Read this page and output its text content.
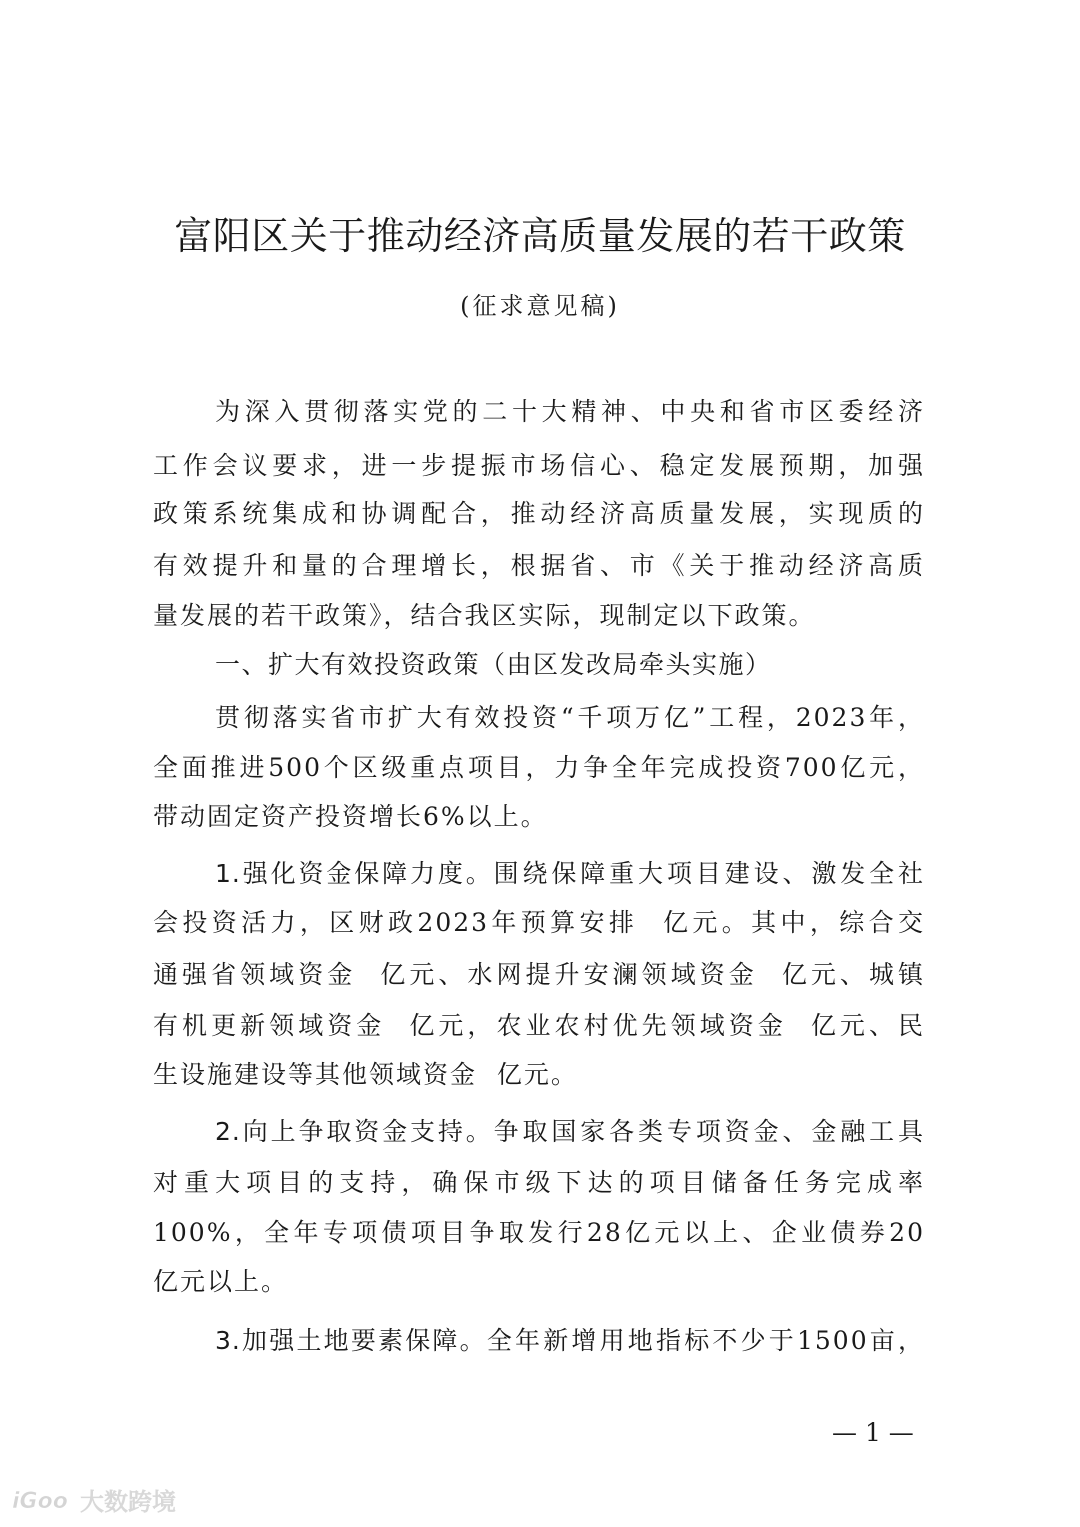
富阳区关于推动经济高质量发展的若干政策
(征求意见稿)
为深入贯彻落实党的二十大精神、中央和省市区委经济
工作会议要求，进一步提振市场信心、稳定发展预期，加强
政策系统集成和协调配合，推动经济高质量发展，实现质的
有效提升和量的合理增长，根据省、市《关于推动经济高质
量发展的若干政策》，结合我区实际，现制定以下政策。
一、扩大有效投资政策（由区发改局牵头实施）
贯彻落实省市扩大有效投资“千项万亿”工程，2023年，
全面推进500个区级重点项目，力争全年完成投资700亿元，
带动固定资产投资增长6%以上。
1.强化资金保障力度。围绕保障重大项目建设、激发全社
会投资活力，区财政2023年预算安排  亿元。其中，综合交
通强省领域资金  亿元、水网提升安澜领域资金  亿元、城镇
有机更新领域资金  亿元，农业农村优先领域资金  亿元、民
生设施建设等其他领域资金  亿元。
2.向上争取资金支持。争取国家各类专项资金、金融工具
对重大项目的支持，确保市级下达的项目储备任务完成率
100%，全年专项债项目争取发行28亿元以上、企业债券20
亿元以上。
3.加强土地要素保障。全年新增用地指标不少于1500亩，
— 1 —
iGoo 大数跨境
